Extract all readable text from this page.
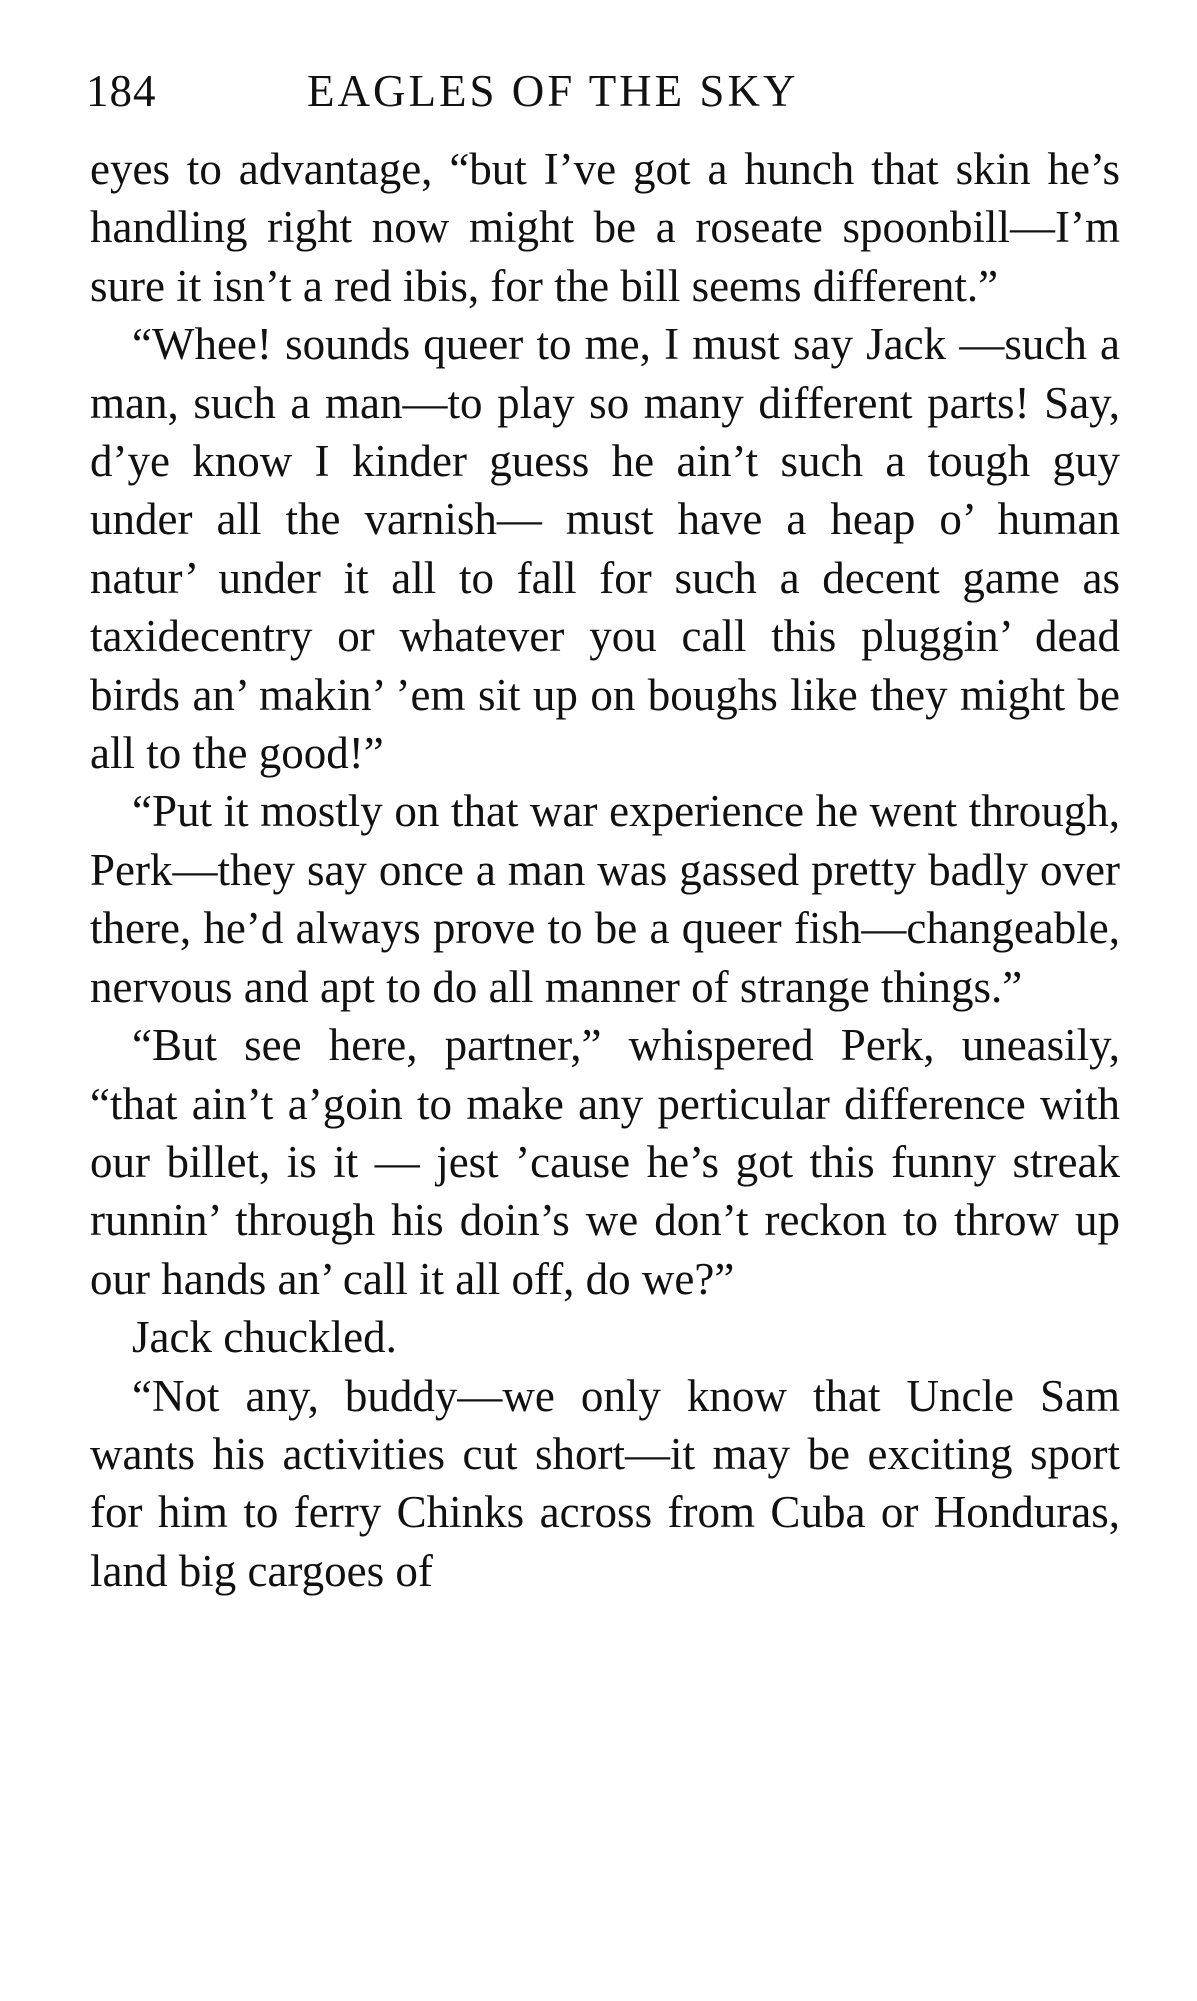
184	EAGLES OF THE SKY

eyes to advantage, “but I’ve got a hunch that skin he’s handling right now might be a roseate spoonbill—I’m sure it isn’t a red ibis, for the bill seems different.”

“Whee! sounds queer to me, I must say Jack —such a man, such a man—to play so many different parts! Say, d’ye know I kinder guess he ain’t such a tough guy under all the varnish— must have a heap o’ human natur’ under it all to fall for such a decent game as taxidecentry or whatever you call this pluggin’ dead birds an’ makin’ ’em sit up on boughs like they might be all to the good!”

“Put it mostly on that war experience he went through, Perk—they say once a man was gassed pretty badly over there, he’d always prove to be a queer fish—changeable, nervous and apt to do all manner of strange things.”

“But see here, partner,” whispered Perk, uneasily, “that ain’t a’goin to make any perticular difference with our billet, is it — jest ’cause he’s got this funny streak runnin’ through his doin’s we don’t reckon to throw up our hands an’ call it all off, do we?”

Jack chuckled.

“Not any, buddy—we only know that Uncle Sam wants his activities cut short—it may be exciting sport for him to ferry Chinks across from Cuba or Honduras, land big cargoes of
